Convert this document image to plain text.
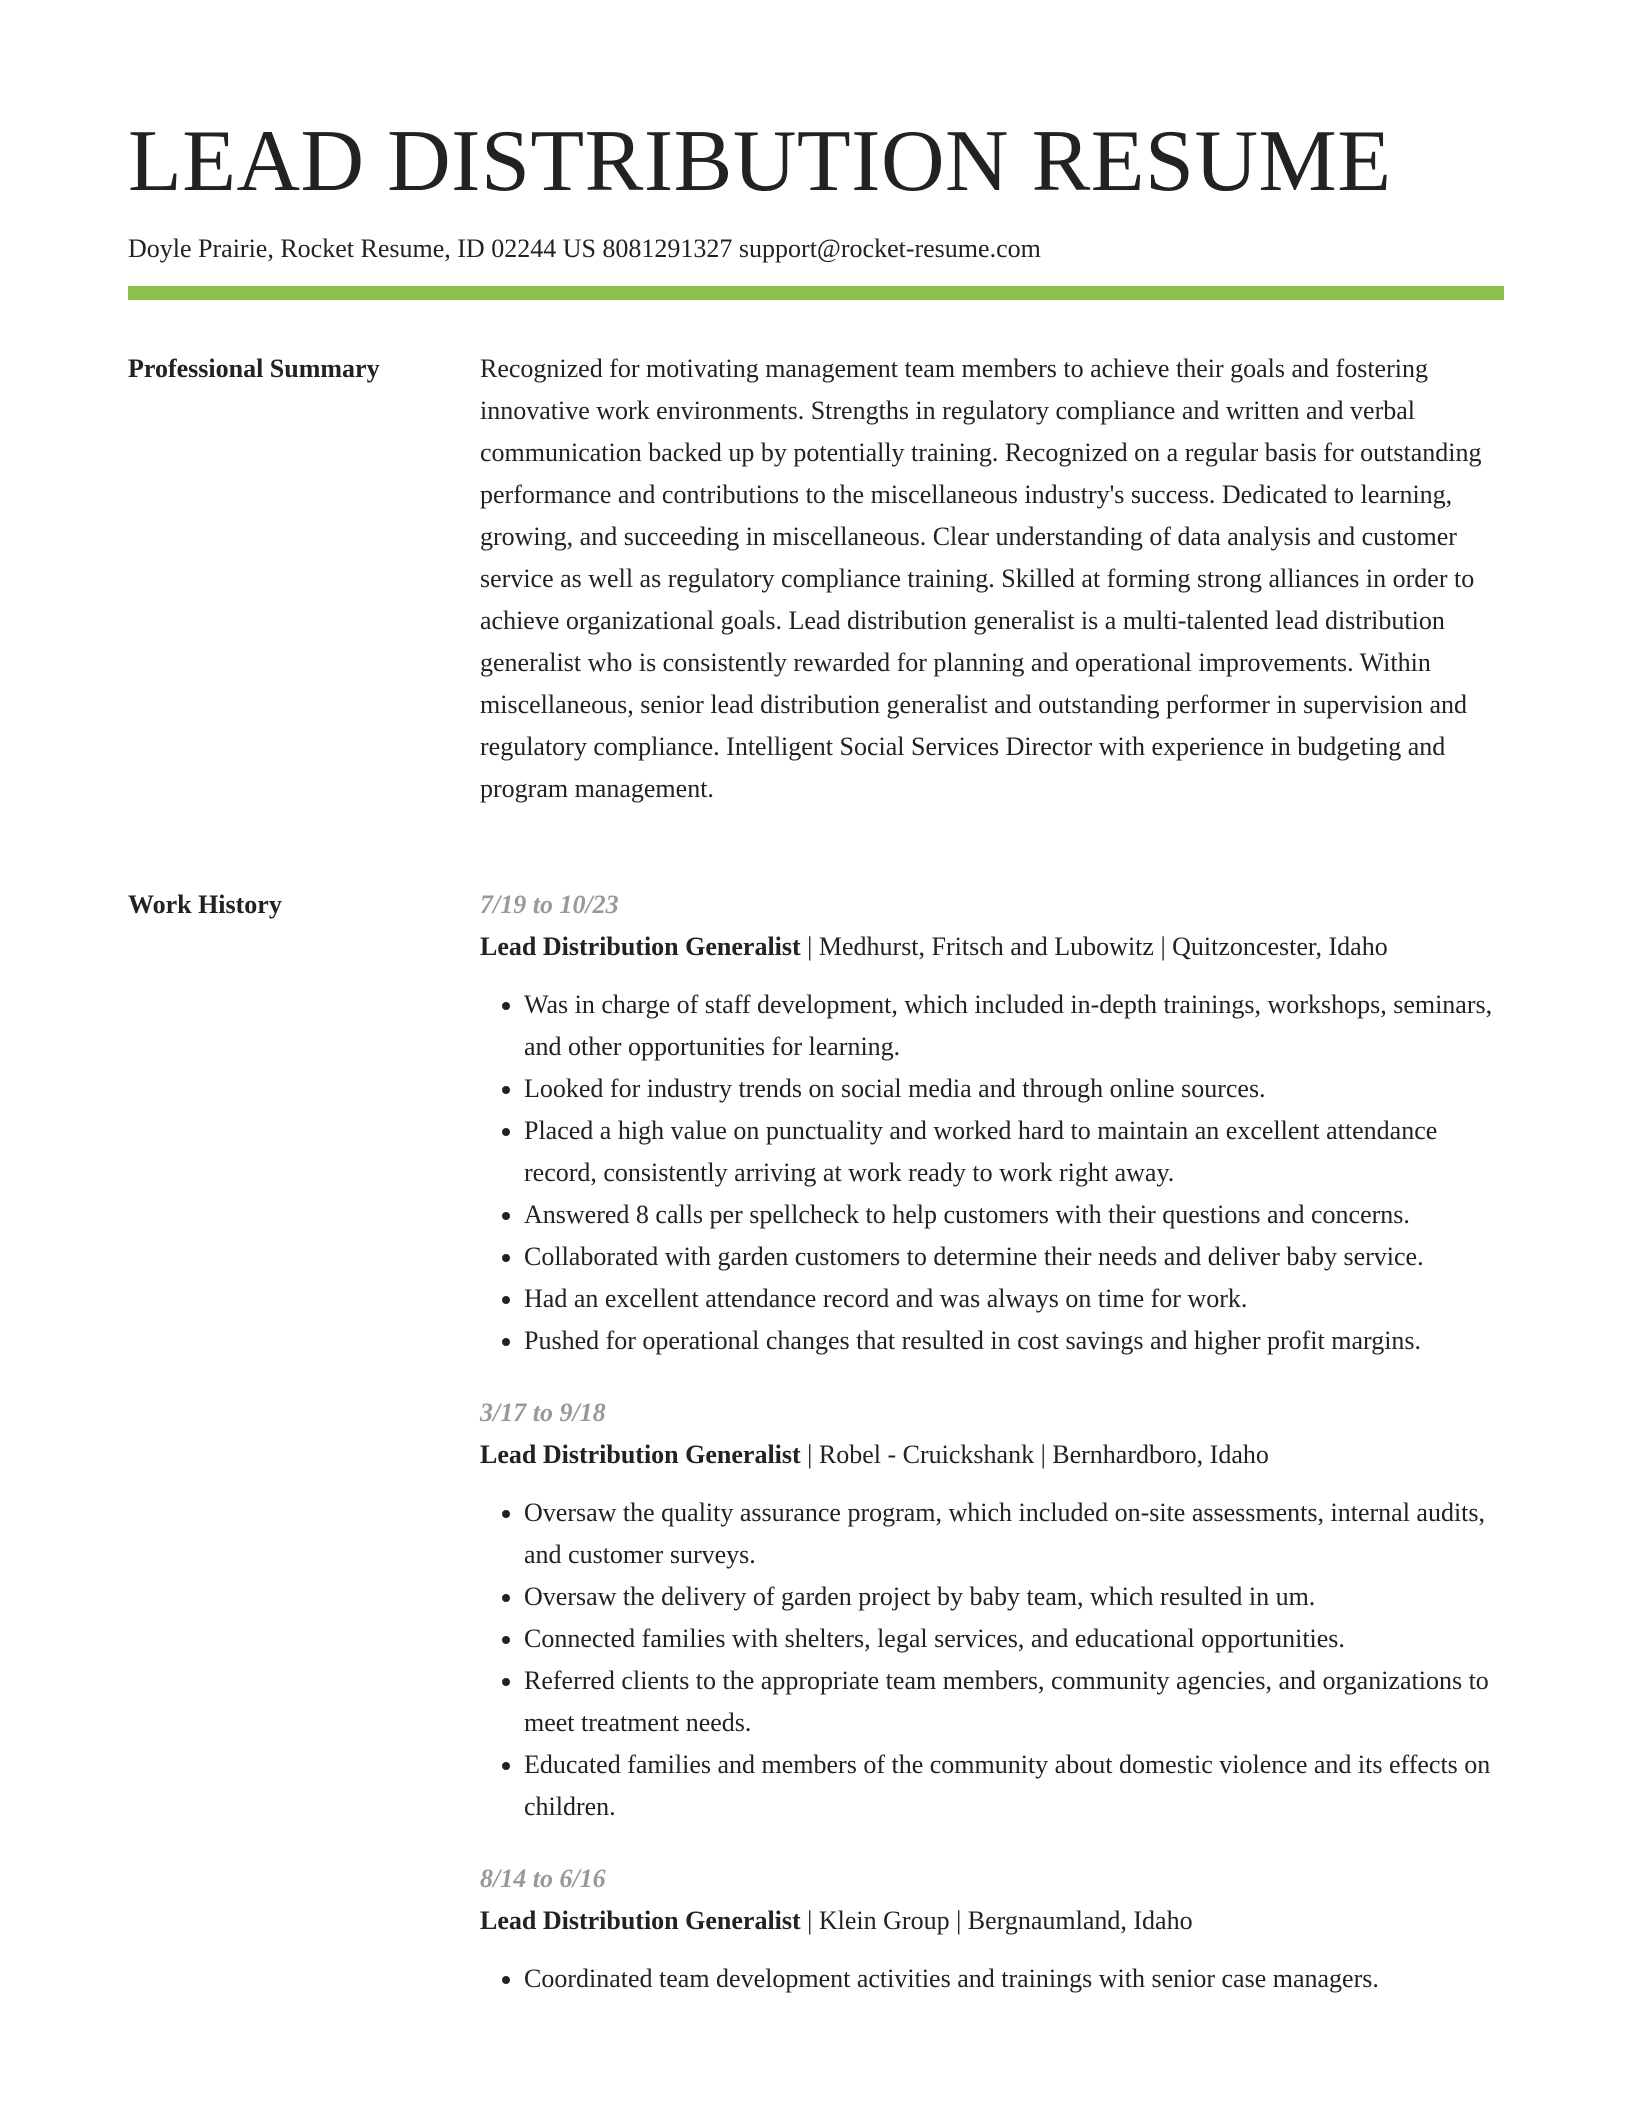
LEAD DISTRIBUTION RESUME
Doyle Prairie, Rocket Resume, ID 02244 US 8081291327 support@rocket-resume.com
Professional Summary	Recognized for motivating management team members to achieve their goals and fostering innovative work environments. Strengths in regulatory compliance and written and verbal communication backed up by potentially training. Recognized on a regular basis for outstanding performance and contributions to the miscellaneous industry's success. Dedicated to learning, growing, and succeeding in miscellaneous. Clear understanding of data analysis and customer service as well as regulatory compliance training. Skilled at forming strong alliances in order to achieve organizational goals. Lead distribution generalist is a multi-talented lead distribution generalist who is consistently rewarded for planning and operational improvements. Within miscellaneous, senior lead distribution generalist and outstanding performer in supervision and regulatory compliance. Intelligent Social Services Director with experience in budgeting and program management.

Work History	7/19 to 10/23
Lead Distribution Generalist | Medhurst, Fritsch and Lubowitz | Quitzoncester, Idaho
• Was in charge of staff development, which included in-depth trainings, workshops, seminars, and other opportunities for learning.
• Looked for industry trends on social media and through online sources.
• Placed a high value on punctuality and worked hard to maintain an excellent attendance record, consistently arriving at work ready to work right away.
• Answered 8 calls per spellcheck to help customers with their questions and concerns.
• Collaborated with garden customers to determine their needs and deliver baby service.
• Had an excellent attendance record and was always on time for work.
• Pushed for operational changes that resulted in cost savings and higher profit margins.
3/17 to 9/18
Lead Distribution Generalist | Robel - Cruickshank | Bernhardboro, Idaho
• Oversaw the quality assurance program, which included on-site assessments, internal audits, and customer surveys.
• Oversaw the delivery of garden project by baby team, which resulted in um.
• Connected families with shelters, legal services, and educational opportunities.
• Referred clients to the appropriate team members, community agencies, and organizations to meet treatment needs.
• Educated families and members of the community about domestic violence and its effects on children.
8/14 to 6/16
Lead Distribution Generalist | Klein Group | Bergnaumland, Idaho
• Coordinated team development activities and trainings with senior case managers.
